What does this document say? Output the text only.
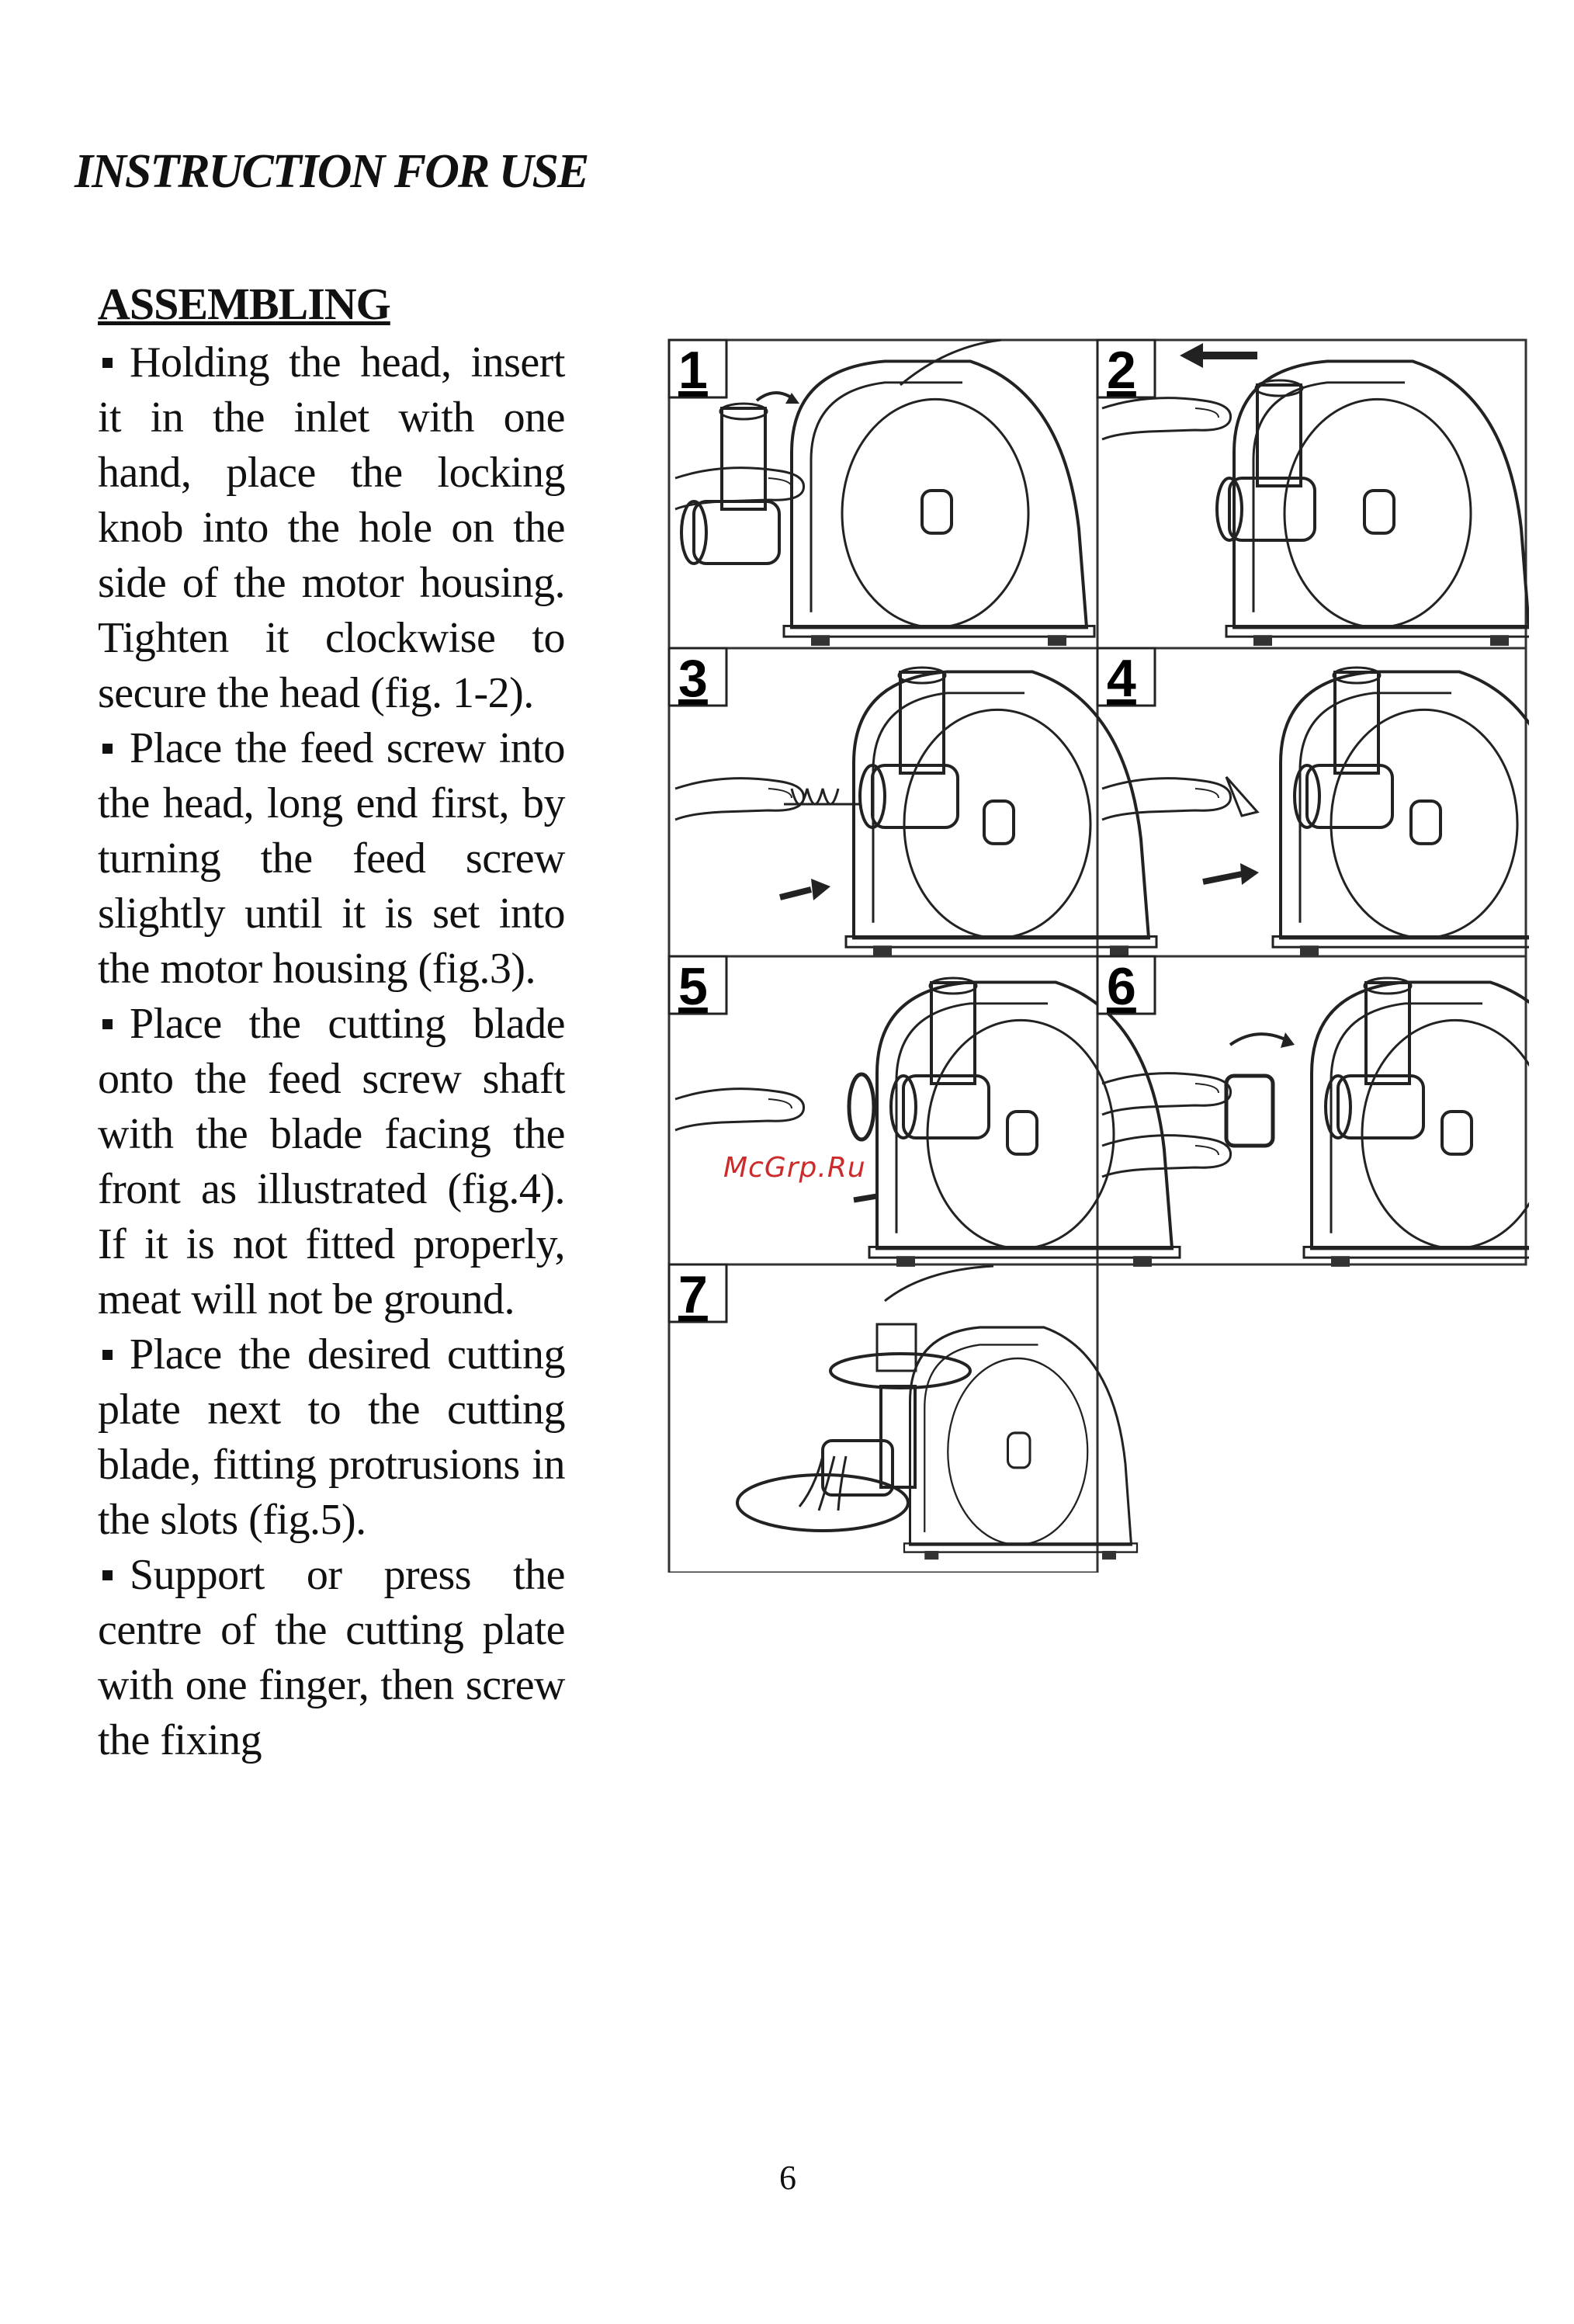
INSTRUCTION FOR USE
ASSEMBLING

Holding the head, insert it in the inlet with one hand, place the locking knob into the hole on the side of the motor housing. Tighten it clockwise to secure the head (fig. 1-2).

Place the feed screw into the head, long end first, by turning the feed screw slightly until it is set into the motor housing (fig.3).

Place the cutting blade onto the feed screw shaft with the blade facing the front as illustrated (fig.4). If it is not fitted properly, meat will not be ground.

Place the desired cutting plate next to the cutting blade, fitting protrusions in the slots (fig.5).

Support or press the centre of the cutting plate with one finger, then screw the fixing

1	2
3	4
5	6
7
McGrp.Ru
6
